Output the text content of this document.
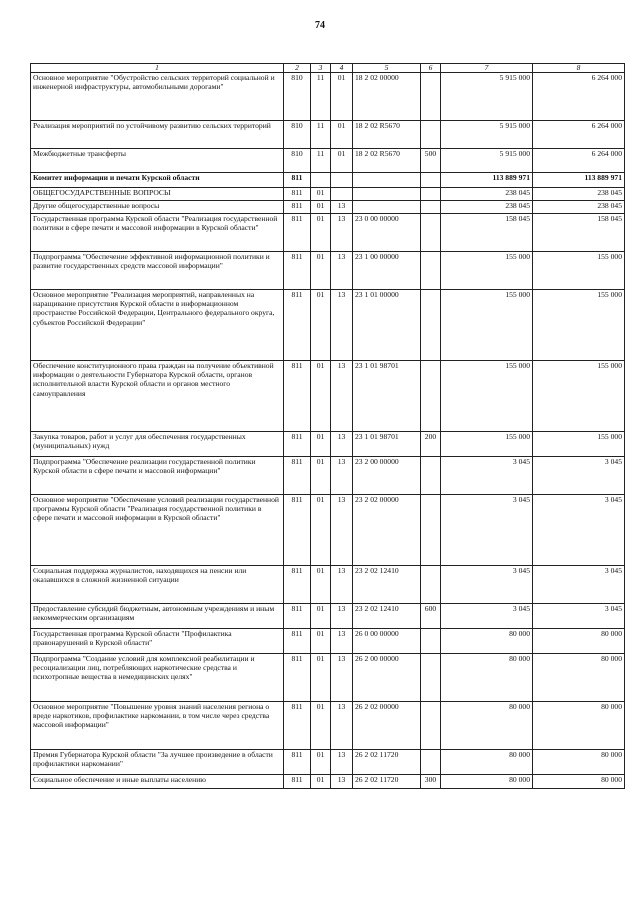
74
1	2	3	4	5	6	7	8
Основное мероприятие "Обустройство сельских территорий социальной и инженерной инфраструктуры, автомобильными дорогами"	810	11	01	18 2 02 00000		5 915 000	6 264 000
Реализация мероприятий по устойчивому развитию сельских территорий	810	11	01	18 2 02 R5670		5 915 000	6 264 000
Межбюджетные трансферты	810	11	01	18 2 02 R5670	500	5 915 000	6 264 000
Комитет информации и печати Курской области	811					113 889 971	113 889 971
ОБЩЕГОСУДАРСТВЕННЫЕ ВОПРОСЫ	811	01				238 045	238 045
Другие общегосударственные вопросы	811	01	13			238 045	238 045
Государственная программа Курской области "Реализация государственной политики в сфере печати и массовой информации в Курской области"	811	01	13	23 0 00 00000		158 045	158 045
Подпрограмма "Обеспечение эффективной информационной политики и развитие государственных средств массовой информации"	811	01	13	23 1 00 00000		155 000	155 000
Основное мероприятие "Реализация мероприятий, направленных на наращивание присутствия Курской области в информационном пространстве Российской Федерации, Центрального федерального округа, субъектов Российской Федерации"	811	01	13	23 1 01 00000		155 000	155 000
Обеспечение конституционного права граждан на получение объективной информации о деятельности Губернатора Курской области, органов исполнительной власти Курской области и органов местного самоуправления	811	01	13	23 1 01 98701		155 000	155 000
Закупка товаров, работ и услуг для обеспечения государственных (муниципальных) нужд	811	01	13	23 1 01 98701	200	155 000	155 000
Подпрограмма "Обеспечение реализации государственной политики Курской области в сфере печати и массовой информации"	811	01	13	23 2 00 00000		3 045	3 045
Основное мероприятие "Обеспечение условий реализации государственной программы Курской области "Реализация государственной политики в сфере печати и массовой информации в Курской области"	811	01	13	23 2 02 00000		3 045	3 045
Социальная поддержка журналистов, находящихся на пенсии или оказавшихся в сложной жизненной ситуации	811	01	13	23 2 02 12410		3 045	3 045
Предоставление субсидий бюджетным, автономным учреждениям и иным некоммерческим организациям	811	01	13	23 2 02 12410	600	3 045	3 045
Государственная программа Курской области "Профилактика правонарушений в Курской области"	811	01	13	26 0 00 00000		80 000	80 000
Подпрограмма "Создание условий для комплексной реабилитации и ресоциализации лиц, потребляющих наркотические средства и психотропные вещества в немедицинских целях"	811	01	13	26 2 00 00000		80 000	80 000
Основное мероприятие "Повышение уровня знаний населения региона о вреде наркотиков, профилактике наркомании, в том числе через средства массовой информации"	811	01	13	26 2 02 00000		80 000	80 000
Премия Губернатора Курской области "За лучшее произведение в области профилактики наркомании"	811	01	13	26 2 02 11720		80 000	80 000
Социальное обеспечение и иные выплаты населению	811	01	13	26 2 02 11720	300	80 000	80 000
